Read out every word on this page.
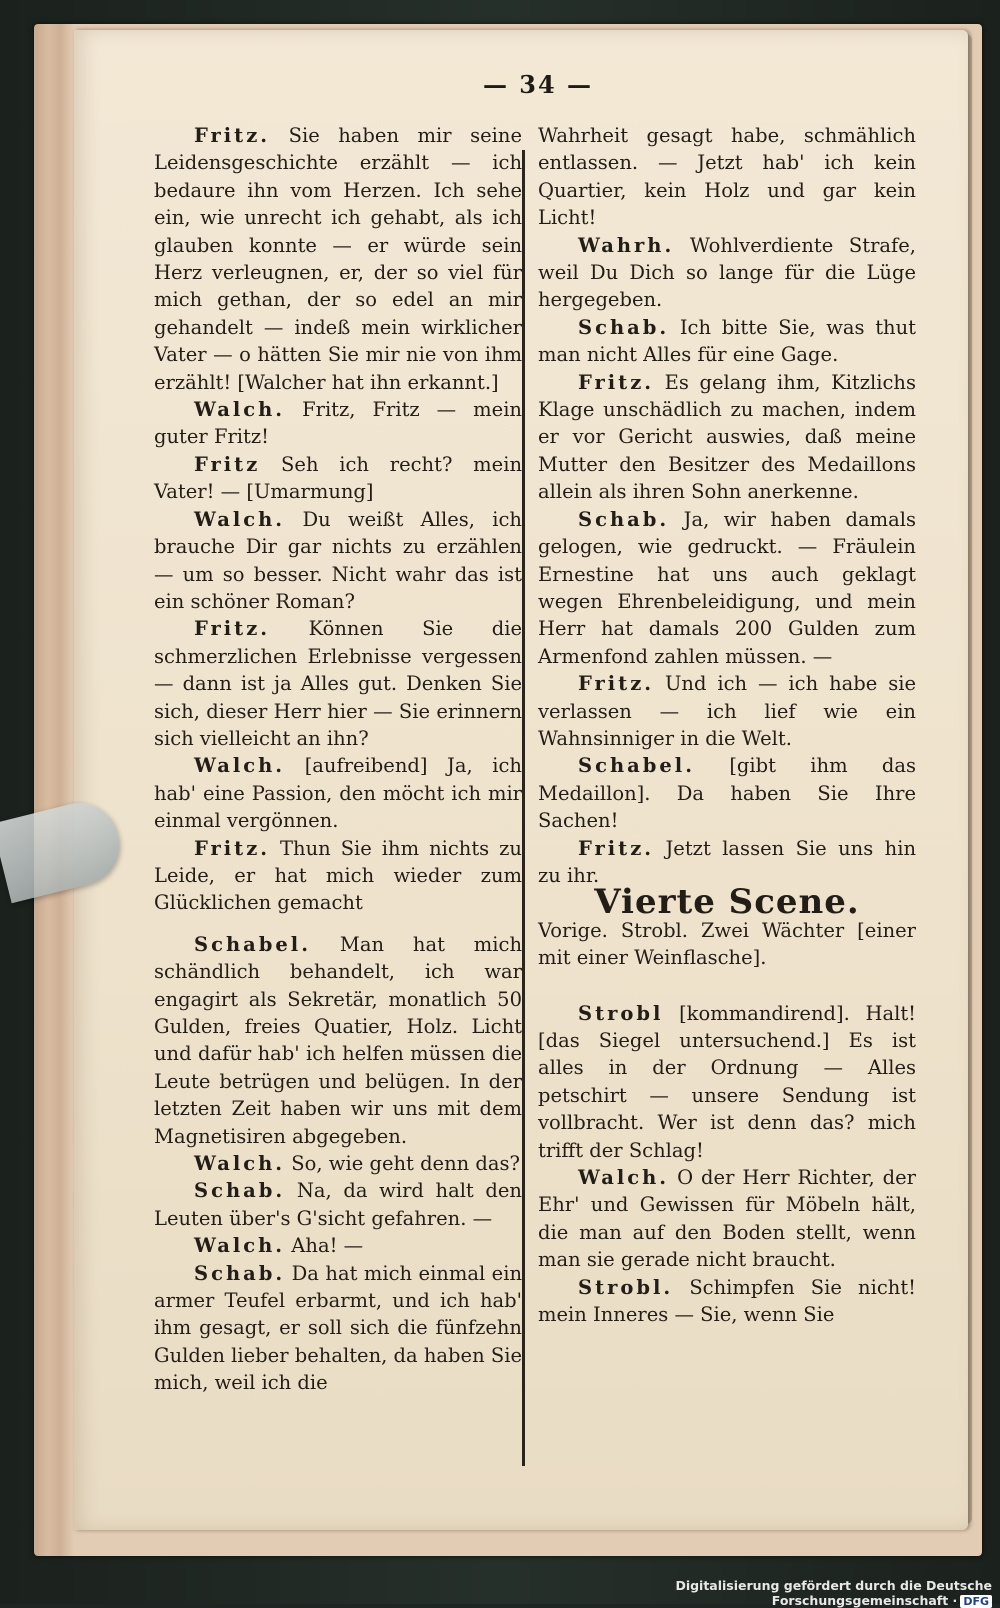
— 34 —

Fritz. Sie haben mir seine Leidensgeschichte erzählt — ich bedaure ihn vom Herzen. Ich sehe ein, wie unrecht ich gehabt, als ich glauben konnte — er würde sein Herz verleugnen, er, der so viel für mich gethan, der so edel an mir gehandelt — indeß mein wirklicher Vater — o hätten Sie mir nie von ihm erzählt! [Walcher hat ihn erkannt.]

Walch. Fritz, Fritz — mein guter Fritz!

Fritz Seh ich recht? mein Vater! — [Umarmung]

Walch. Du weißt Alles, ich brauche Dir gar nichts zu erzählen — um so besser. Nicht wahr das ist ein schöner Roman?

Fritz. Können Sie die schmerzlichen Erlebnisse vergessen — dann ist ja Alles gut. Denken Sie sich, dieser Herr hier — Sie erinnern sich vielleicht an ihn?

Walch. [aufreibend] Ja, ich hab' eine Passion, den möcht ich mir einmal vergönnen.

Fritz. Thun Sie ihm nichts zu Leide, er hat mich wieder zum Glücklichen gemacht

Schabel. Man hat mich schändlich behandelt, ich war engagirt als Sekretär, monatlich 50 Gulden, freies Quatier, Holz. Licht und dafür hab' ich helfen müssen die Leute betrügen und belügen. In der letzten Zeit haben wir uns mit dem Magnetisiren abgegeben.

Walch. So, wie geht denn das?

Schab. Na, da wird halt den Leuten über's G'sicht gefahren. —

Walch. Aha! —

Schab. Da hat mich einmal ein armer Teufel erbarmt, und ich hab' ihm gesagt, er soll sich die fünfzehn Gulden lieber behalten, da haben Sie mich, weil ich die

Wahrheit gesagt habe, schmählich entlassen. — Jetzt hab' ich kein Quartier, kein Holz und gar kein Licht!

Wahrh. Wohlverdiente Strafe, weil Du Dich so lange für die Lüge hergegeben.

Schab. Ich bitte Sie, was thut man nicht Alles für eine Gage.

Fritz. Es gelang ihm, Kitzlichs Klage unschädlich zu machen, indem er vor Gericht auswies, daß meine Mutter den Besitzer des Medaillons allein als ihren Sohn anerkenne.

Schab. Ja, wir haben damals gelogen, wie gedruckt. — Fräulein Ernestine hat uns auch geklagt wegen Ehrenbeleidigung, und mein Herr hat damals 200 Gulden zum Armenfond zahlen müssen. —

Fritz. Und ich — ich habe sie verlassen — ich lief wie ein Wahnsinniger in die Welt.

Schabel. [gibt ihm das Medaillon]. Da haben Sie Ihre Sachen!

Fritz. Jetzt lassen Sie uns hin zu ihr.

Vierte Scene.

Vorige. Strobl. Zwei Wächter [einer mit einer Weinflasche].

Strobl [kommandirend]. Halt! [das Siegel untersuchend.] Es ist alles in der Ordnung — Alles petschirt — unsere Sendung ist vollbracht. Wer ist denn das? mich trifft der Schlag!

Walch. O der Herr Richter, der Ehr' und Gewissen für Möbeln hält, die man auf den Boden stellt, wenn man sie gerade nicht braucht.

Strobl. Schimpfen Sie nicht! mein Inneres — Sie, wenn Sie

Digitalisierung gefördert durch die Deutsche Forschungsgemeinschaft · DFG
